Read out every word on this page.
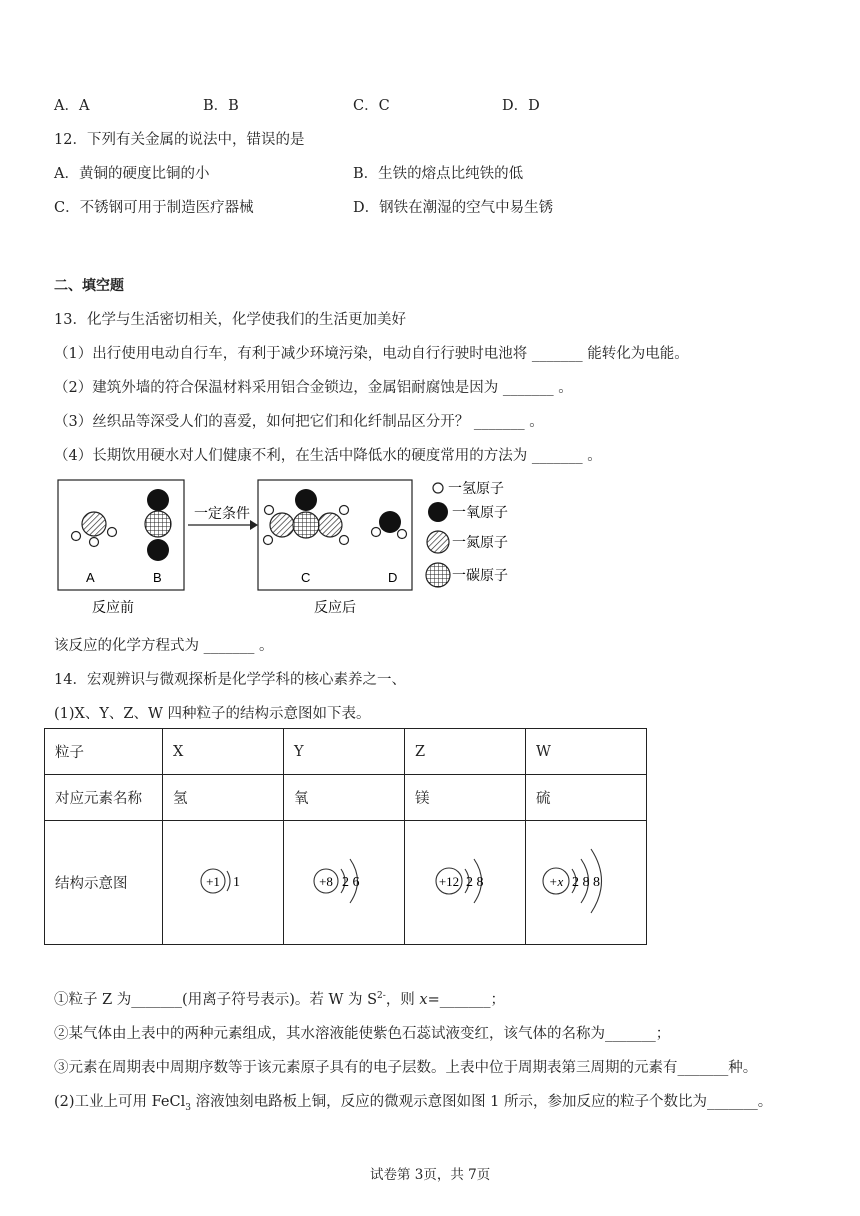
A．A	B．B	C．C	D．D
12．下列有关金属的说法中，错误的是
A．黄铜的硬度比铜的小	B．生铁的熔点比纯铁的低
C．不锈钢可用于制造医疗器械	D．钢铁在潮湿的空气中易生锈
二、填空题
13．化学与生活密切相关，化学使我们的生活更加美好
（1）出行使用电动自行车，有利于减少环境污染，电动自行行驶时电池将 _______ 能转化为电能。
（2）建筑外墙的符合保温材料采用铝合金锁边，金属铝耐腐蚀是因为 _______ 。
（3）丝织品等深受人们的喜爱，如何把它们和化纤制品区分开？ _______ 。
（4）长期饮用硬水对人们健康不利，在生活中降低水的硬度常用的方法为 _______ 。
A	B
一定条件
C	D
一氢原子
一氧原子
一氮原子
一碳原子
反应前	反应后
该反应的化学方程式为 _______ 。
14．宏观辨识与微观探析是化学学科的核心素养之一、
(1)X、Y、Z、W 四种粒子的结构示意图如下表。
粒子	X	Y	Z	W
对应元素名称	氢	氧	镁	硫
结构示意图	+1 1	+8 2 6	+12 2 8	+x 2 8 8
①粒子 Z 为_______(用离子符号表示)。若 W 为 $S^{2-}$，则 x=_______；
②某气体由上表中的两种元素组成，其水溶液能使紫色石蕊试液变红，该气体的名称为_______；
③元素在周期表中周期序数等于该元素原子具有的电子层数。上表中位于周期表第三周期的元素有_______种。
(2)工业上可用 FeCl$_3$ 溶液蚀刻电路板上铜，反应的微观示意图如图 1 所示，参加反应的粒子个数比为_______。
试卷第 3页，共 7页
